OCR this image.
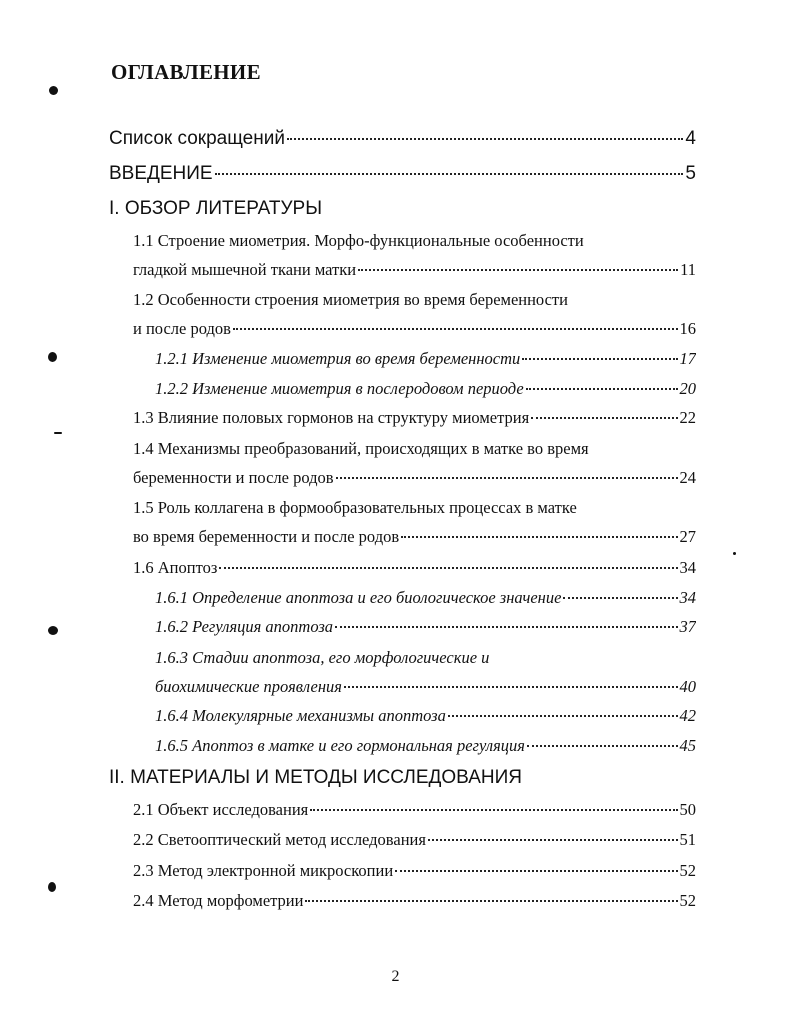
ОГЛАВЛЕНИЕ
Список сокращений	4
ВВЕДЕНИЕ	5
I. ОБЗОР ЛИТЕРАТУРЫ
1.1 Строение миометрия. Морфо-функциональные особенности
гладкой мышечной ткани матки	11
1.2 Особенности строения миометрия во время беременности
и после родов	16
1.2.1 Изменение миометрия во время беременности	17
1.2.2 Изменение миометрия в послеродовом периоде	20
1.3 Влияние половых гормонов на структуру миометрия	22
1.4 Механизмы преобразований, происходящих в матке во время
беременности и после родов	24
1.5 Роль коллагена в формообразовательных процессах в матке
во время беременности и после родов	27
1.6 Апоптоз	34
1.6.1 Определение апоптоза и его биологическое значение	34
1.6.2 Регуляция апоптоза	37
1.6.3 Стадии апоптоза, его морфологические и
биохимические проявления	40
1.6.4 Молекулярные механизмы апоптоза	42
1.6.5 Апоптоз в матке и его гормональная регуляция	45
II. МАТЕРИАЛЫ И МЕТОДЫ ИССЛЕДОВАНИЯ
2.1 Объект исследования	50
2.2 Светооптический метод исследования	51
2.3 Метод электронной микроскопии	52
2.4 Метод морфометрии	52
2
